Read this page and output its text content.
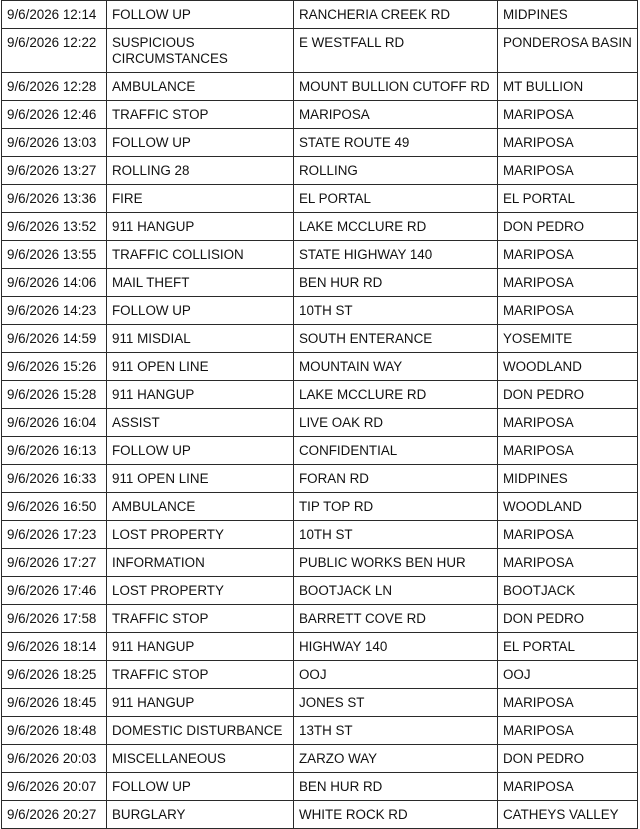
9/6/2026 12:14	FOLLOW UP	RANCHERIA CREEK RD	MIDPINES
9/6/2026 12:22	SUSPICIOUS CIRCUMSTANCES	E WESTFALL RD	PONDEROSA BASIN
9/6/2026 12:28	AMBULANCE	MOUNT BULLION CUTOFF RD	MT BULLION
9/6/2026 12:46	TRAFFIC STOP	MARIPOSA	MARIPOSA
9/6/2026 13:03	FOLLOW UP	STATE ROUTE 49	MARIPOSA
9/6/2026 13:27	ROLLING 28	ROLLING	MARIPOSA
9/6/2026 13:36	FIRE	EL PORTAL	EL PORTAL
9/6/2026 13:52	911 HANGUP	LAKE MCCLURE RD	DON PEDRO
9/6/2026 13:55	TRAFFIC COLLISION	STATE HIGHWAY 140	MARIPOSA
9/6/2026 14:06	MAIL THEFT	BEN HUR RD	MARIPOSA
9/6/2026 14:23	FOLLOW UP	10TH ST	MARIPOSA
9/6/2026 14:59	911 MISDIAL	SOUTH ENTERANCE	YOSEMITE
9/6/2026 15:26	911 OPEN LINE	MOUNTAIN WAY	WOODLAND
9/6/2026 15:28	911 HANGUP	LAKE MCCLURE RD	DON PEDRO
9/6/2026 16:04	ASSIST	LIVE OAK RD	MARIPOSA
9/6/2026 16:13	FOLLOW UP	CONFIDENTIAL	MARIPOSA
9/6/2026 16:33	911 OPEN LINE	FORAN RD	MIDPINES
9/6/2026 16:50	AMBULANCE	TIP TOP RD	WOODLAND
9/6/2026 17:23	LOST PROPERTY	10TH ST	MARIPOSA
9/6/2026 17:27	INFORMATION	PUBLIC WORKS BEN HUR	MARIPOSA
9/6/2026 17:46	LOST PROPERTY	BOOTJACK LN	BOOTJACK
9/6/2026 17:58	TRAFFIC STOP	BARRETT COVE RD	DON PEDRO
9/6/2026 18:14	911 HANGUP	HIGHWAY 140	EL PORTAL
9/6/2026 18:25	TRAFFIC STOP	OOJ	OOJ
9/6/2026 18:45	911 HANGUP	JONES ST	MARIPOSA
9/6/2026 18:48	DOMESTIC DISTURBANCE	13TH ST	MARIPOSA
9/6/2026 20:03	MISCELLANEOUS	ZARZO WAY	DON PEDRO
9/6/2026 20:07	FOLLOW UP	BEN HUR RD	MARIPOSA
9/6/2026 20:27	BURGLARY	WHITE ROCK RD	CATHEYS VALLEY
